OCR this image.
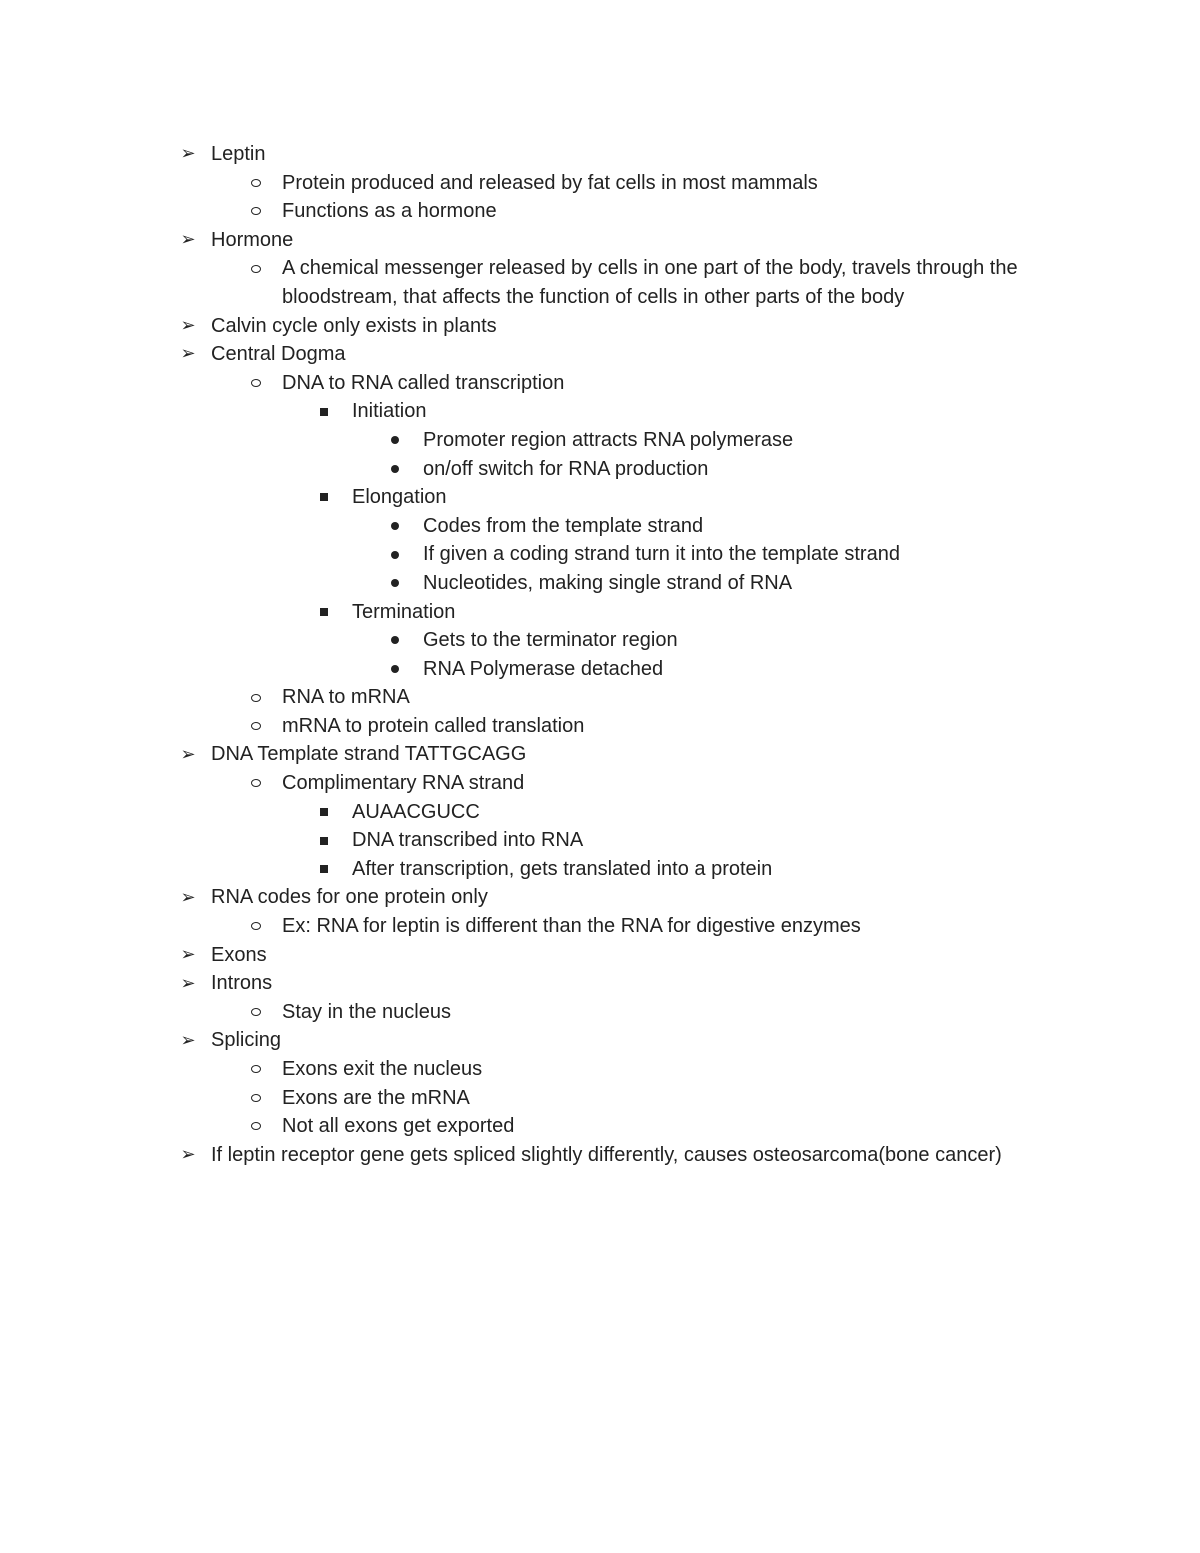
➢ Leptin
Protein produced and released by fat cells in most mammals
Functions as a hormone
➢ Hormone
A chemical messenger released by cells in one part of the body, travels through the bloodstream, that affects the function of cells in other parts of the body
➢ Calvin cycle only exists in plants
➢ Central Dogma
DNA to RNA called transcription
Initiation
Promoter region attracts RNA polymerase
on/off switch for RNA production
Elongation
Codes from the template strand
If given a coding strand turn it into the template strand
Nucleotides, making single strand of RNA
Termination
Gets to the terminator region
RNA Polymerase detached
RNA to mRNA
mRNA to protein called translation
➢ DNA Template strand TATTGCAGG
Complimentary RNA strand
AUAACGUCC
DNA transcribed into RNA
After transcription, gets translated into a protein
➢ RNA codes for one protein only
Ex: RNA for leptin is different than the RNA for digestive enzymes
➢ Exons
➢ Introns
Stay in the nucleus
➢ Splicing
Exons exit the nucleus
Exons are the mRNA
Not all exons get exported
➢ If leptin receptor gene gets spliced slightly differently, causes osteosarcoma(bone cancer)
